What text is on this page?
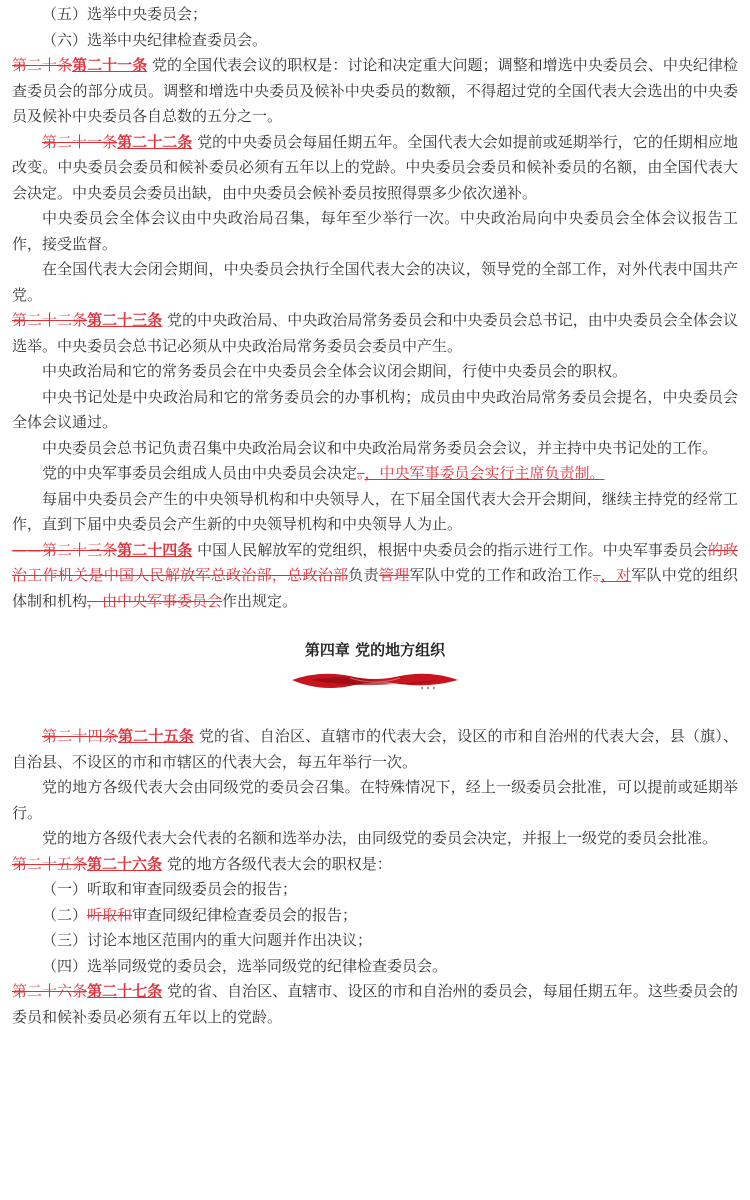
（五）选举中央委员会；

（六）选举中央纪律检查委员会。

第二十条第二十一条 党的全国代表会议的职权是：讨论和决定重大问题；调整和增选中央委员会、中央纪律检查委员会的部分成员。调整和增选中央委员及候补中央委员的数额，不得超过党的全国代表大会选出的中央委员及候补中央委员各自总数的五分之一。

第二十一条第二十二条 党的中央委员会每届任期五年。全国代表大会如提前或延期举行，它的任期相应地改变。中央委员会委员和候补委员必须有五年以上的党龄。中央委员会委员和候补委员的名额，由全国代表大会决定。中央委员会委员出缺，由中央委员会候补委员按照得票多少依次递补。

中央委员会全体会议由中央政治局召集，每年至少举行一次。中央政治局向中央委员会全体会议报告工作，接受监督。

在全国代表大会闭会期间，中央委员会执行全国代表大会的决议，领导党的全部工作，对外代表中国共产党。

第二十二条第二十三条 党的中央政治局、中央政治局常务委员会和中央委员会总书记，由中央委员会全体会议选举。中央委员会总书记必须从中央政治局常务委员会委员中产生。

中央政治局和它的常务委员会在中央委员会全体会议闭会期间，行使中央委员会的职权。

中央书记处是中央政治局和它的常务委员会的办事机构；成员由中央政治局常务委员会提名，中央委员会全体会议通过。

中央委员会总书记负责召集中央政治局会议和中央政治局常务委员会会议，并主持中央书记处的工作。

党的中央军事委员会组成人员由中央委员会决定。，中央军事委员会实行主席负责制。

每届中央委员会产生的中央领导机构和中央领导人，在下届全国代表大会开会期间，继续主持党的经常工作，直到下届中央委员会产生新的中央领导机构和中央领导人为止。

——第二十三条第二十四条 中国人民解放军的党组织，根据中央委员会的指示进行工作。中央军事委员会的政治工作机关是中国人民解放军总政治部，总政治部负责管理军队中党的工作和政治工作。，对军队中党的组织体制和机构，由中央军事委员会作出规定。

第四章 党的地方组织

第二十四条第二十五条 党的省、自治区、直辖市的代表大会，设区的市和自治州的代表大会，县（旗）、自治县、不设区的市和市辖区的代表大会，每五年举行一次。

党的地方各级代表大会由同级党的委员会召集。在特殊情况下，经上一级委员会批准，可以提前或延期举行。

党的地方各级代表大会代表的名额和选举办法，由同级党的委员会决定，并报上一级党的委员会批准。

第二十五条第二十六条 党的地方各级代表大会的职权是：

（一）听取和审查同级委员会的报告；

（二）听取和审查同级纪律检查委员会的报告；

（三）讨论本地区范围内的重大问题并作出决议；

（四）选举同级党的委员会，选举同级党的纪律检查委员会。

第二十六条第二十七条 党的省、自治区、直辖市、设区的市和自治州的委员会，每届任期五年。这些委员会的委员和候补委员必须有五年以上的党龄。
